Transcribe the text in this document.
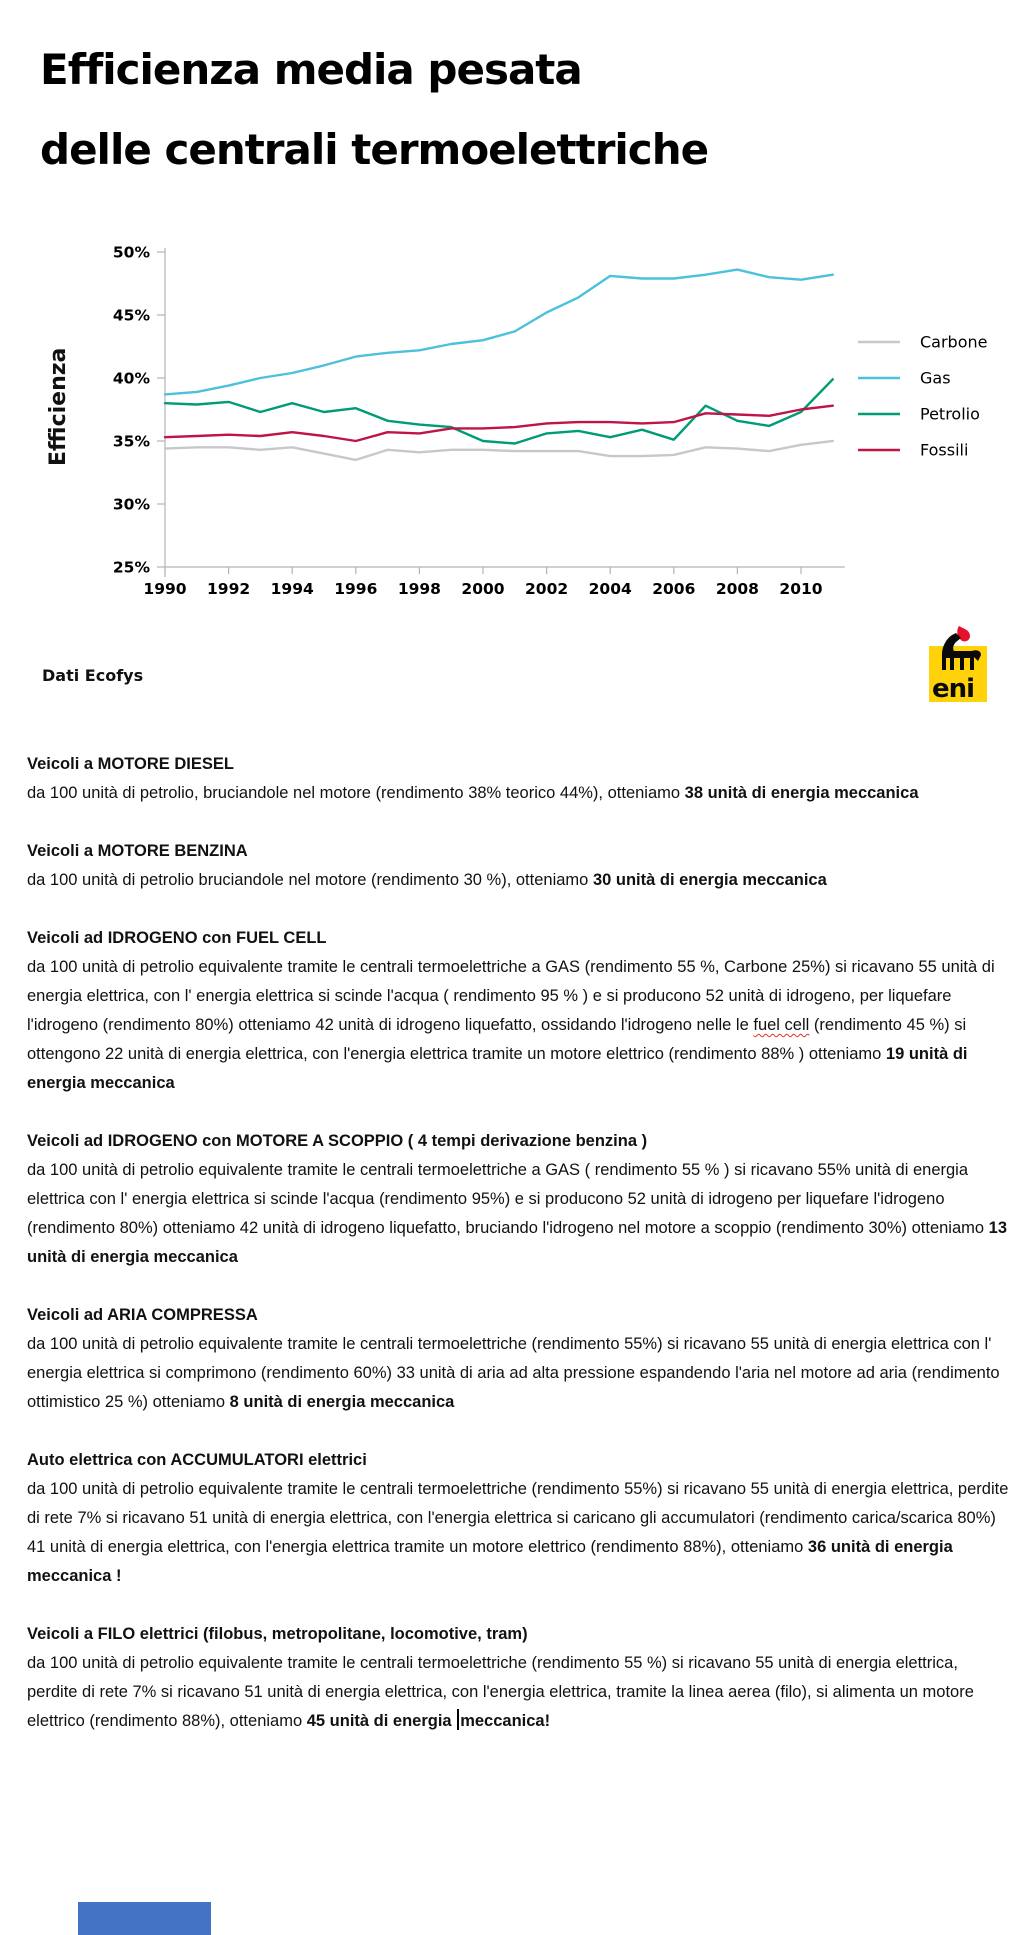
Efficienza media pesata
delle centrali termoelettriche
50%
45%
40%
35%
30%
25%
1990 1992 1994 1996 1998 2000 2002 2004 2006 2008 2010
Carbone
Gas
Petrolio
Fossili
Efficienza
Dati Ecofys	eni
Veicoli a MOTORE DIESEL
da 100 unità di petrolio, bruciandole nel motore (rendimento 38% teorico 44%), otteniamo 38 unità di energia meccanica
Veicoli a MOTORE BENZINA
da 100 unità di petrolio bruciandole nel motore (rendimento 30 %), otteniamo 30 unità di energia meccanica
Veicoli ad IDROGENO con FUEL CELL
da 100 unità di petrolio equivalente tramite le centrali termoelettriche a GAS (rendimento 55 %, Carbone 25%) si ricavano 55 unità di energia elettrica, con l' energia elettrica si scinde l'acqua ( rendimento 95 % ) e si producono 52 unità di idrogeno, per liquefare l'idrogeno (rendimento 80%) otteniamo 42 unità di idrogeno liquefatto, ossidando l'idrogeno nelle le fuel cell (rendimento 45 %) si ottengono 22 unità di energia elettrica, con l'energia elettrica tramite un motore elettrico (rendimento 88% ) otteniamo 19 unità di energia meccanica
Veicoli ad IDROGENO con MOTORE A SCOPPIO ( 4 tempi derivazione benzina )
da 100 unità di petrolio equivalente tramite le centrali termoelettriche a GAS ( rendimento 55 % ) si ricavano 55% unità di energia elettrica con l' energia elettrica si scinde l'acqua (rendimento 95%) e si producono 52 unità di idrogeno per liquefare l'idrogeno (rendimento 80%) otteniamo 42 unità di idrogeno liquefatto, bruciando l'idrogeno nel motore a scoppio (rendimento 30%) otteniamo 13 unità di energia meccanica
Veicoli ad ARIA COMPRESSA
da 100 unità di petrolio equivalente tramite le centrali termoelettriche (rendimento 55%) si ricavano 55 unità di energia elettrica con l' energia elettrica si comprimono (rendimento 60%) 33 unità di aria ad alta pressione espandendo l'aria nel motore ad aria (rendimento ottimistico 25 %) otteniamo 8 unità di energia meccanica
Auto elettrica con ACCUMULATORI elettrici
da 100 unità di petrolio equivalente tramite le centrali termoelettriche (rendimento 55%) si ricavano 55 unità di energia elettrica, perdite di rete 7% si ricavano 51 unità di energia elettrica, con l'energia elettrica si caricano gli accumulatori (rendimento carica/scarica 80%) 41 unità di energia elettrica, con l'energia elettrica tramite un motore elettrico (rendimento 88%), otteniamo 36 unità di energia meccanica !
Veicoli a FILO elettrici (filobus, metropolitane, locomotive, tram)
da 100 unità di petrolio equivalente tramite le centrali termoelettriche (rendimento 55 %) si ricavano 55 unità di energia elettrica, perdite di rete 7% si ricavano 51 unità di energia elettrica, con l'energia elettrica, tramite la linea aerea (filo), si alimenta un motore elettrico (rendimento 88%), otteniamo 45 unità di energia meccanica!
